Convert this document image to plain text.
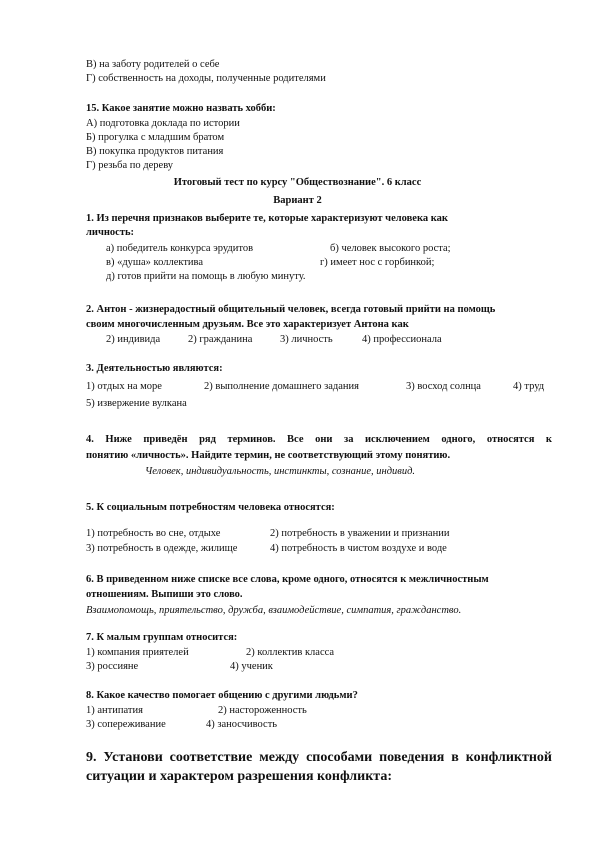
В) на заботу родителей о себе
Г) собственность на доходы, полученные родителями
15. Какое занятие можно назвать хобби:
А) подготовка доклада по истории
Б) прогулка с младшим братом
В) покупка продуктов питания
Г) резьба по дереву
Итоговый тест по курсу "Обществознание". 6 класс
Вариант 2
1. Из перечня признаков выберите те, которые характеризуют человека как
личность:
а) победитель конкурса эрудитов	б) человек высокого роста;
в) «душа» коллектива	г) имеет нос с горбинкой;
д) готов прийти на помощь в любую минуту.
2. Антон - жизнерадостный общительный человек, всегда готовый прийти на помощь
своим многочисленным друзьям. Все это характеризует Антона как
2) индивида	2) гражданина	3) личность	4) профессионала
3. Деятельностью являются:
1) отдых на море	2) выполнение домашнего задания	3) восход солнца	4) труд
5) извержение вулкана
4. Ниже приведён ряд терминов. Все они за исключением одного, относятся к
понятию «личность». Найдите термин, не соответствующий этому понятию.
Человек, индивидуальность, инстинкты, сознание, индивид.
5. К социальным потребностям человека относятся:
1) потребность во сне, отдыхе	2) потребность в уважении и признании
3) потребность в одежде, жилище	4) потребность в чистом воздухе и воде
6. В приведенном ниже списке все слова, кроме одного, относятся к межличностным
отношениям. Выпиши это слово.
Взаимопомощь, приятельство, дружба, взаимодействие, симпатия, гражданство.
7. К малым группам относится:
1) компания приятелей	2) коллектив класса
3) россияне	4) ученик
8. Какое качество помогает общению с другими людьми?
1) антипатия	2) настороженность
3) сопереживание	4) заносчивость
9. Установи соответствие между способами поведения в конфликтной
ситуации и характером разрешения конфликта:
